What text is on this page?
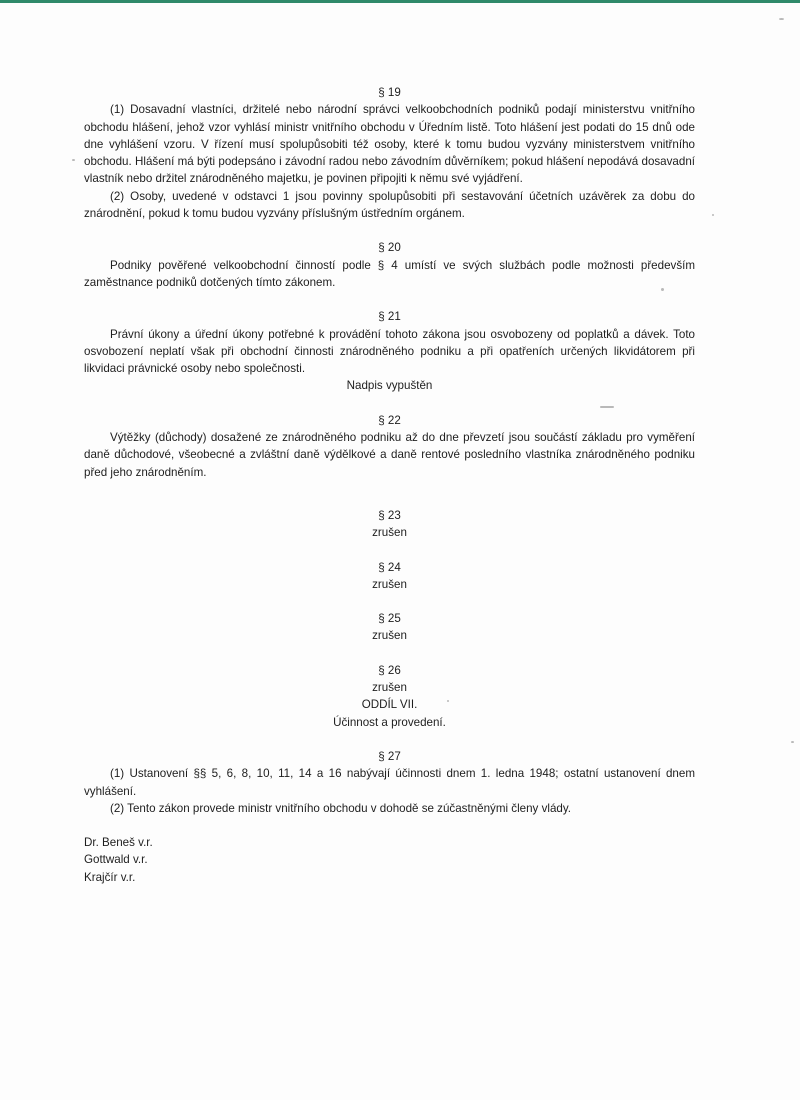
§ 19

(1) Dosavadní vlastníci, držitelé nebo národní správci velkoobchodních podniků podají ministerstvu vnitřního obchodu hlášení, jehož vzor vyhlásí ministr vnitřního obchodu v Úředním listě. Toto hlášení jest podati do 15 dnů ode dne vyhlášení vzoru. V řízení musí spolupůsobiti též osoby, které k tomu budou vyzvány ministerstvem vnitřního obchodu. Hlášení má býti podepsáno i závodní radou nebo závodním důvěrníkem; pokud hlášení nepodává dosavadní vlastník nebo držitel znárodněného majetku, je povinen připojiti k němu své vyjádření.

(2) Osoby, uvedené v odstavci 1 jsou povinny spolupůsobiti při sestavování účetních uzávěrek za dobu do znárodnění, pokud k tomu budou vyzvány příslušným ústředním orgánem.

§ 20

Podniky pověřené velkoobchodní činností podle § 4 umístí ve svých službách podle možnosti především zaměstnance podniků dotčených tímto zákonem.

§ 21

Právní úkony a úřední úkony potřebné k provádění tohoto zákona jsou osvobozeny od poplatků a dávek. Toto osvobození neplatí však při obchodní činnosti znárodněného podniku a při opatřeních určených likvidátorem při likvidaci právnické osoby nebo společnosti.

Nadpis vypuštěn

§ 22

Výtěžky (důchody) dosažené ze znárodněného podniku až do dne převzetí jsou součástí základu pro vyměření daně důchodové, všeobecné a zvláštní daně výdělkové a daně rentové posledního vlastníka znárodněného podniku před jeho znárodněním.

§ 23

zrušen

§ 24

zrušen

§ 25

zrušen

§ 26

zrušen

ODDÍL VII.

Účinnost a provedení.

§ 27

(1) Ustanovení §§ 5, 6, 8, 10, 11, 14 a 16 nabývají účinnosti dnem 1. ledna 1948; ostatní ustanovení dnem vyhlášení.

(2) Tento zákon provede ministr vnitřního obchodu v dohodě se zúčastněnými členy vlády.

Dr. Beneš v.r.

Gottwald v.r.

Krajčír v.r.
